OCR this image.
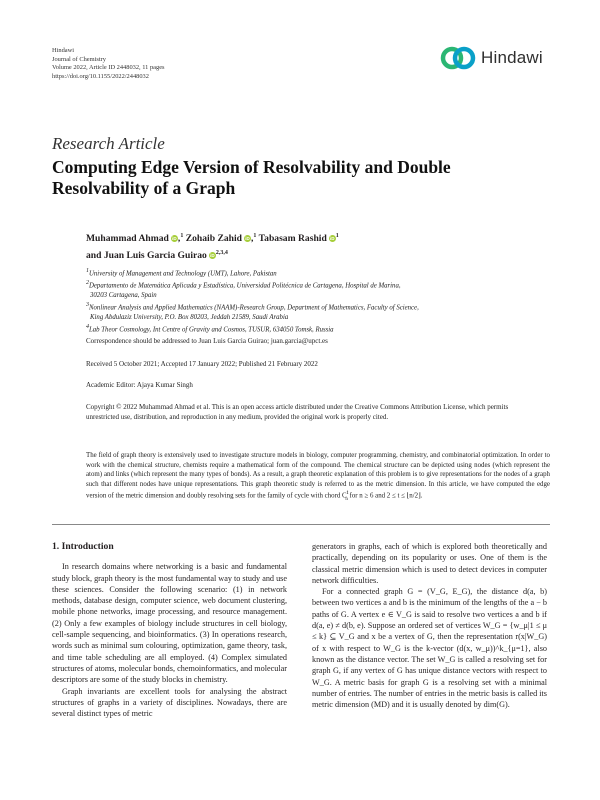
Hindawi
Journal of Chemistry
Volume 2022, Article ID 2448032, 11 pages
https://doi.org/10.1155/2022/2448032
Hindawi
Research Article
Computing Edge Version of Resolvability and Double Resolvability of a Graph
Muhammad Ahmad iD,$^1$ Zohaib Zahid iD,$^1$ Tabasam Rashid $iD^1$
and Juan Luis Garcia Guirao iD$^{2,3,4}$
$^1$University of Management and Technology (UMT), Lahore, Pakistan
$^2$Departamento de Matemática Aplicada y Estadística, Universidad Politécnica de Cartagena, Hospital de Marina,
30203 Cartagena, Spain
$^3$Nonlinear Analysis and Applied Mathematics (NAAM)-Research Group, Department of Mathematics, Faculty of Science,
King Abdulaziz University, P.O. Box 80203, Jeddah 21589, Saudi Arabia
$^4$Lab Theor Cosmology, Int Centre of Gravity and Cosmos, TUSUR, 634050 Tomsk, Russia
Correspondence should be addressed to Juan Luis Garcia Guirao; juan.garcia@upct.es
Received 5 October 2021; Accepted 17 January 2022; Published 21 February 2022
Academic Editor: Ajaya Kumar Singh
Copyright © 2022 Muhammad Ahmad et al. This is an open access article distributed under the Creative Commons Attribution License, which permits unrestricted use, distribution, and reproduction in any medium, provided the original work is properly cited.
The field of graph theory is extensively used to investigate structure models in biology, computer programming, chemistry, and combinatorial optimization. In order to work with the chemical structure, chemists require a mathematical form of the compound. The chemical structure can be depicted using nodes (which represent the atom) and links (which represent the many types of bonds). As a result, a graph theoretic explanation of this problem is to give representations for the nodes of a graph such that different nodes have unique representations. This graph theoretic study is referred to as the metric dimension. In this article, we have computed the edge version of the metric dimension and doubly resolving sets for the family of cycle with chord $C^t_n$ for n ≥ 6 and 2 ≤ t ≤ ⌊n/2⌋.
1. Introduction

In research domains where networking is a basic and fundamental study block, graph theory is the most fundamental way to study and use these sciences. Consider the following scenario: (1) in network methods, database design, computer science, web document clustering, mobile phone networks, image processing, and resource management. (2) Only a few examples of biology include structures in cell biology, cell-sample sequencing, and bioinformatics. (3) In operations research, words such as minimal sum colouring, optimization, game theory, task, and time table scheduling are all employed. (4) Complex simulated structures of atoms, molecular bonds, chemoinformatics, and molecular descriptors are some of the study blocks in chemistry.

Graph invariants are excellent tools for analysing the abstract structures of graphs in a variety of disciplines. Nowadays, there are several distinct types of metric

generators in graphs, each of which is explored both theoretically and practically, depending on its popularity or uses. One of them is the classical metric dimension which is used to detect devices in computer network difficulties.

For a connected graph G = (V_G, E_G), the distance d(a, b) between two vertices a and b is the minimum of the lengths of the a − b paths of G. A vertex e ∈ V_G is said to resolve two vertices a and b if d(a, e) ≠ d(b, e). Suppose an ordered set of vertices W_G = {w_μ|1 ≤ μ ≤ k} ⊆ V_G and x be a vertex of G, then the representation r(x|W_G) of x with respect to W_G is the k-vector (d(x, w_μ))^k_{μ=1}, also known as the distance vector. The set W_G is called a resolving set for graph G, if any vertex of G has unique distance vectors with respect to W_G. A metric basis for graph G is a resolving set with a minimal number of entries. The number of entries in the metric basis is called its metric dimension (MD) and it is usually denoted by dim(G).
